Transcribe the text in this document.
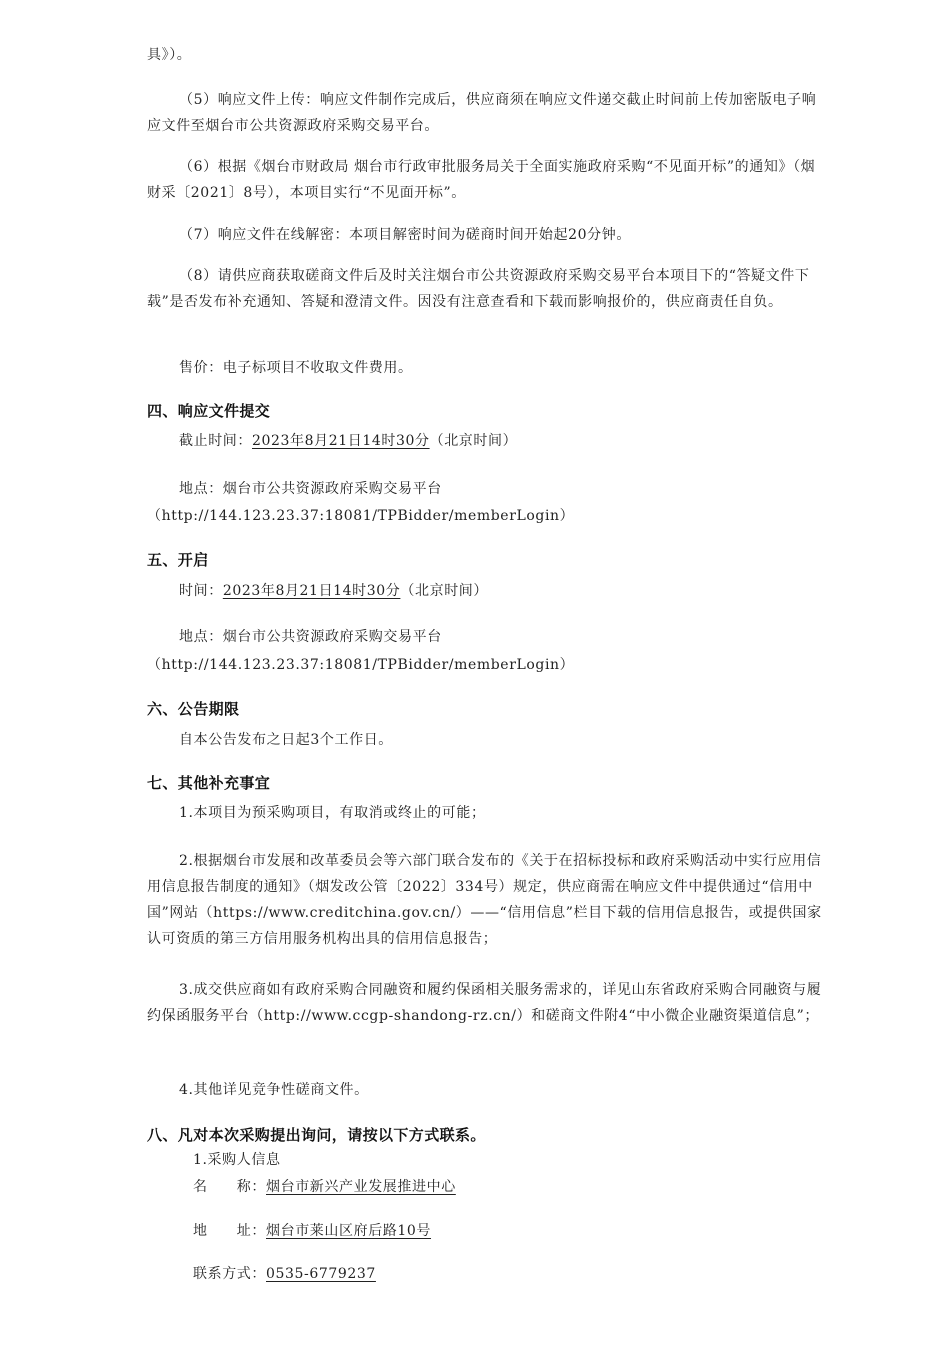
具》）。

（5）响应文件上传：响应文件制作完成后，供应商须在响应文件递交截止时间前上传加密版电子响应文件至烟台市公共资源政府采购交易平台。

（6）根据《烟台市财政局 烟台市行政审批服务局关于全面实施政府采购“不见面开标”的通知》（烟财采〔2021〕8号），本项目实行“不见面开标”。

（7）响应文件在线解密：本项目解密时间为磋商时间开始起20分钟。

（8）请供应商获取磋商文件后及时关注烟台市公共资源政府采购交易平台本项目下的“答疑文件下载”是否发布补充通知、答疑和澄清文件。因没有注意查看和下载而影响报价的，供应商责任自负。

售价：电子标项目不收取文件费用。

四、响应文件提交

截止时间：2023年8月21日14时30分（北京时间）

地点：烟台市公共资源政府采购交易平台

（http://144.123.23.37:18081/TPBidder/memberLogin）

五、开启

时间：2023年8月21日14时30分（北京时间）

地点：烟台市公共资源政府采购交易平台

（http://144.123.23.37:18081/TPBidder/memberLogin）

六、公告期限

自本公告发布之日起3个工作日。

七、其他补充事宜

1.本项目为预采购项目，有取消或终止的可能；

2.根据烟台市发展和改革委员会等六部门联合发布的《关于在招标投标和政府采购活动中实行应用信用信息报告制度的通知》（烟发改公管〔2022〕334号）规定，供应商需在响应文件中提供通过“信用中国”网站（https://www.creditchina.gov.cn/）——“信用信息”栏目下载的信用信息报告，或提供国家认可资质的第三方信用服务机构出具的信用信息报告；

3.成交供应商如有政府采购合同融资和履约保函相关服务需求的，详见山东省政府采购合同融资与履约保函服务平台（http://www.ccgp-shandong-rz.cn/）和磋商文件附4“中小微企业融资渠道信息”；

4.其他详见竞争性磋商文件。

八、凡对本次采购提出询问，请按以下方式联系。

1.采购人信息

名　　称：烟台市新兴产业发展推进中心

地　　址：烟台市莱山区府后路10号

联系方式：0535-6779237
